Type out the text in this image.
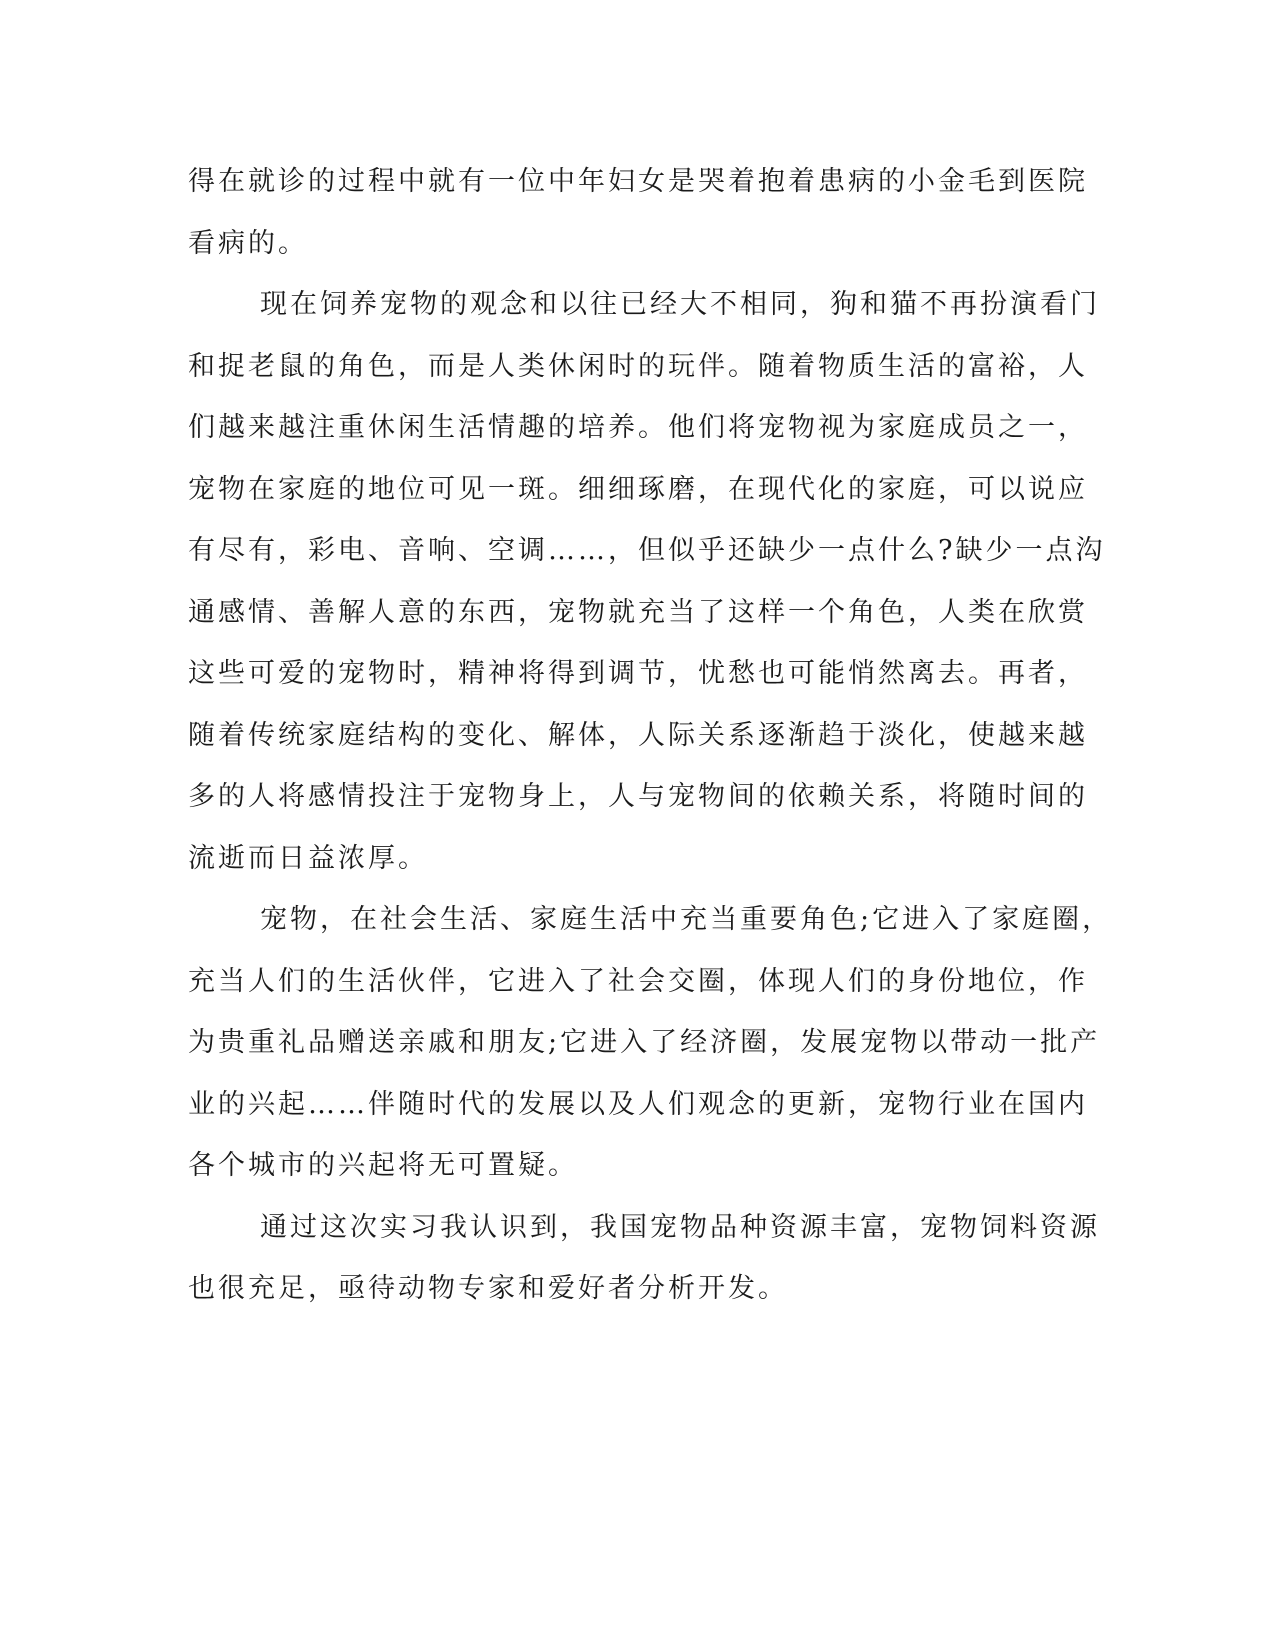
得在就诊的过程中就有一位中年妇女是哭着抱着患病的小金毛到医院
看病的。
现在饲养宠物的观念和以往已经大不相同，狗和猫不再扮演看门
和捉老鼠的角色，而是人类休闲时的玩伴。随着物质生活的富裕，人
们越来越注重休闲生活情趣的培养。他们将宠物视为家庭成员之一，
宠物在家庭的地位可见一斑。细细琢磨，在现代化的家庭，可以说应
有尽有，彩电、音响、空调……，但似乎还缺少一点什么?缺少一点沟
通感情、善解人意的东西，宠物就充当了这样一个角色，人类在欣赏
这些可爱的宠物时，精神将得到调节，忧愁也可能悄然离去。再者，
随着传统家庭结构的变化、解体，人际关系逐渐趋于淡化，使越来越
多的人将感情投注于宠物身上，人与宠物间的依赖关系，将随时间的
流逝而日益浓厚。
宠物，在社会生活、家庭生活中充当重要角色;它进入了家庭圈，
充当人们的生活伙伴，它进入了社会交圈，体现人们的身份地位，作
为贵重礼品赠送亲戚和朋友;它进入了经济圈，发展宠物以带动一批产
业的兴起……伴随时代的发展以及人们观念的更新，宠物行业在国内
各个城市的兴起将无可置疑。
通过这次实习我认识到，我国宠物品种资源丰富，宠物饲料资源
也很充足，亟待动物专家和爱好者分析开发。
